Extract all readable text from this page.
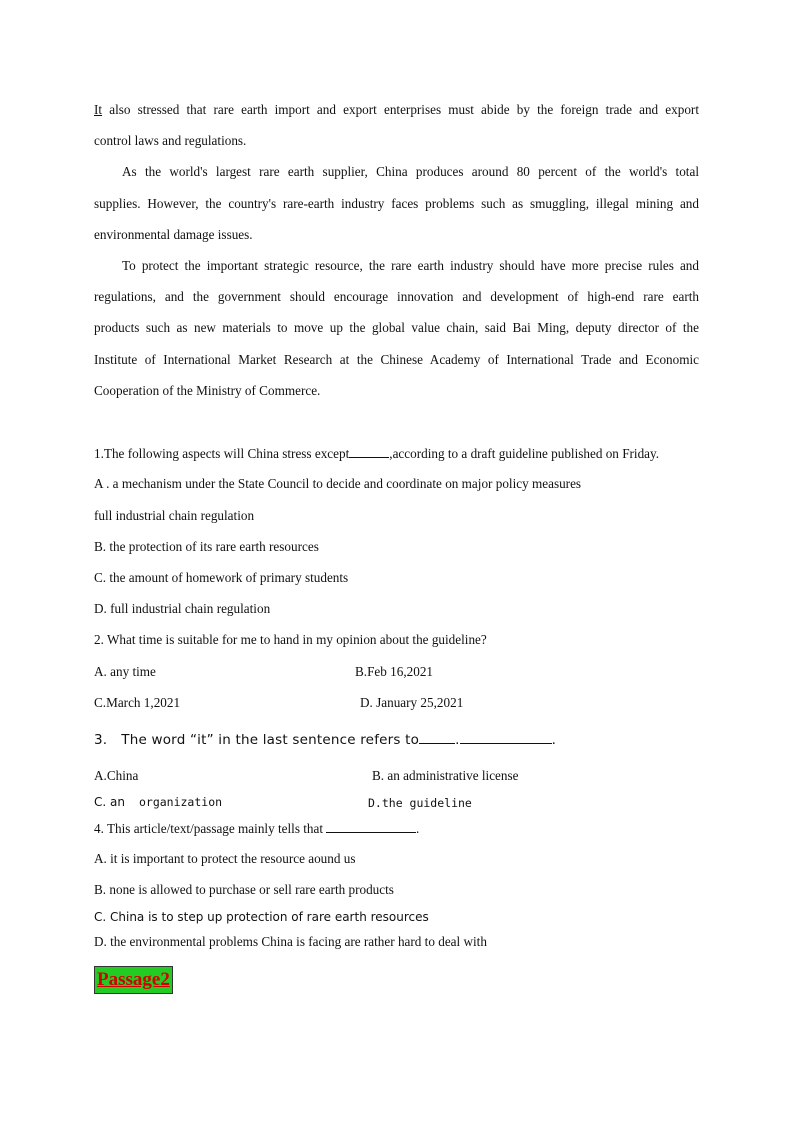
It also stressed that rare earth import and export enterprises must abide by the foreign trade and export
control laws and regulations.
As the world's largest rare earth supplier, China produces around 80 percent of the world's total
supplies. However, the country's rare-earth industry faces problems such as smuggling, illegal mining and
environmental damage issues.
To protect the important strategic resource, the rare earth industry should have more precise rules and
regulations, and the government should encourage innovation and development of high-end rare earth
products such as new materials to move up the global value chain, said Bai Ming, deputy director of the
Institute of International Market Research at the Chinese Academy of International Trade and Economic
Cooperation of the Ministry of Commerce.
1.The following aspects will China stress except	,according to a draft guideline published on Friday.
A . a mechanism under the State Council to decide and coordinate on major policy measures
full industrial chain regulation
B. the protection of its rare earth resources
C. the amount of homework of primary students
D. full industrial chain regulation
2. What time is suitable for me to hand in my opinion about the guideline?
A. any time	B.Feb 16,2021
C.March 1,2021	D. January 25,2021
3. The word “it” in the last sentence refers to	.	.
A.China	B. an administrative license
C. an organization	D.the guideline
4. This article/text/passage mainly tells that	.
A. it is important to protect the resource aound us
B. none is allowed to purchase or sell rare earth products
C. China is to step up protection of rare earth resources
D. the environmental problems China is facing are rather hard to deal with
Passage2
